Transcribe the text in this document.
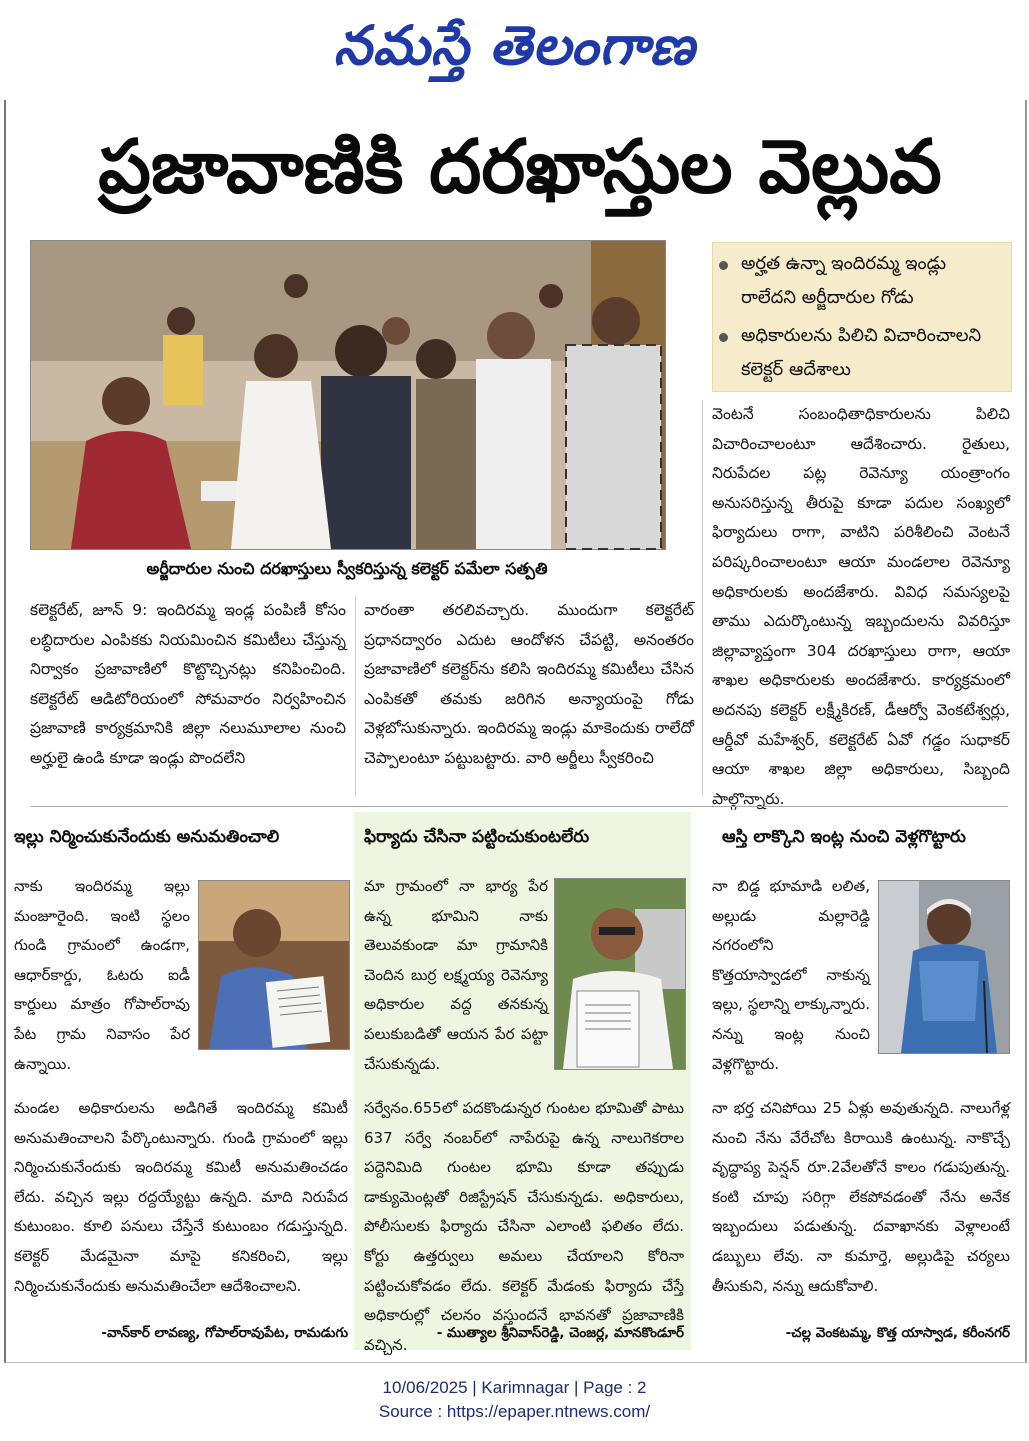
నమస్తే తెలంగాణ
ప్రజావాణికి దరఖాస్తుల వెల్లువ
అర్జీదారుల నుంచి దరఖాస్తులు స్వీకరిస్తున్న కలెక్టర్ పమేలా సత్పతి
అర్హత ఉన్నా ఇందిరమ్మ ఇండ్లు రాలేదని అర్జీదారుల గోడు
అధికారులను పిలిచి విచారించాలని కలెక్టర్ ఆదేశాలు

కలెక్టరేట్, జూన్ 9: ఇందిరమ్మ ఇండ్ల పంపిణీ కోసం లబ్ధిదారుల ఎంపికకు నియమించిన కమిటీలు చేస్తున్న నిర్వాకం ప్రజావాణిలో కొట్టొచ్చినట్లు కనిపించింది. కలెక్టరేట్ ఆడిటోరియంలో సోమవారం నిర్వహించిన ప్రజావాణి కార్యక్రమానికి జిల్లా నలుమూలాల నుంచి అర్హులై ఉండి కూడా ఇండ్లు పొందలేని

వారంతా తరలివచ్చారు. ముందుగా కలెక్టరేట్ ప్రధానద్వారం ఎదుట ఆందోళన చేపట్టి, అనంతరం ప్రజావాణిలో కలెక్టర్‌ను కలిసి ఇందిరమ్మ కమిటీలు చేసిన ఎంపికతో తమకు జరిగిన అన్యాయంపై గోడు వెళ్లబోసుకున్నారు. ఇందిరమ్మ ఇండ్లు మాకెందుకు రాలేదో చెప్పాలంటూ పట్టుబట్టారు. వారి అర్జీలు స్వీకరించి

వెంటనే సంబంధితాధికారులను పిలిచి విచారించాలంటూ ఆదేశించారు. రైతులు, నిరుపేదల పట్ల రెవెన్యూ యంత్రాంగం అనుసరిస్తున్న తీరుపై కూడా పదుల సంఖ్యలో ఫిర్యాదులు రాగా, వాటిని పరిశీలించి వెంటనే పరిష్కరించాలంటూ ఆయా మండలాల రెవెన్యూ అధికారులకు అందజేశారు. వివిధ సమస్యలపై తాము ఎదుర్కొంటున్న ఇబ్బందులను వివరిస్తూ జిల్లావ్యాప్తంగా 304 దరఖాస్తులు రాగా, ఆయా శాఖల అధికారులకు అందజేశారు. కార్యక్రమంలో అదనపు కలెక్టర్ లక్ష్మీకిరణ్, డీఆర్వో వెంకటేశ్వర్లు, ఆర్డీవో మహేశ్వర్, కలెక్టరేట్ ఏవో గడ్డం సుధాకర్ ఆయా శాఖల జిల్లా అధికారులు, సిబ్బంది పాల్గొన్నారు.

ఇల్లు నిర్మించుకునేందుకు అనుమతించాలి

నాకు ఇందిరమ్మ ఇల్లు మంజూరైంది. ఇంటి స్థలం గుండి గ్రామంలో ఉండగా, ఆధార్‌కార్డు, ఓటరు ఐడీ కార్డులు మాత్రం గోపాల్‌రావు పేట గ్రామ నివాసం పేర ఉన్నాయి.

మండల అధికారులను అడిగితే ఇందిరమ్మ కమిటీ అనుమతించాలని పేర్కొంటున్నారు. గుండి గ్రామంలో ఇల్లు నిర్మించుకునేందుకు ఇందిరమ్మ కమిటీ అనుమతించడం లేదు. వచ్చిన ఇల్లు రద్దయ్యేట్టు ఉన్నది. మాది నిరుపేద కుటుంబం. కూలి పనులు చేస్తేనే కుటుంబం గడుస్తున్నది. కలెక్టర్ మేడమైనా మాపై కనికరించి, ఇల్లు నిర్మించుకునేందుకు అనుమతించేలా ఆదేశించాలని.

-వాన్‌కార్ లావణ్య, గోపాల్‌రావుపేట, రామడుగు
ఫిర్యాదు చేసినా పట్టించుకుంటలేరు

మా గ్రామంలో నా భార్య పేర ఉన్న భూమిని నాకు తెలువకుండా మా గ్రామానికి చెందిన బుర్ర లక్ష్మయ్య రెవెన్యూ అధికారుల వద్ద తనకున్న పలుకుబడితో ఆయన పేర పట్టా చేసుకున్నడు.

సర్వేనం.655లో పదకొండున్నర గుంటల భూమితో పాటు 637 సర్వే నంబర్‌లో నాపేరుపై ఉన్న నాలుగెకరాల పద్దెనిమిది గుంటల భూమి కూడా తప్పుడు డాక్యుమెంట్లతో రిజిస్ట్రేషన్ చేసుకున్నడు. అధికారులు, పోలీసులకు ఫిర్యాదు చేసినా ఎలాంటి ఫలితం లేదు. కోర్టు ఉత్తర్వులు అమలు చేయాలని కోరినా పట్టించుకోవడం లేదు. కలెక్టర్ మేడంకు ఫిర్యాదు చేస్తే అధికారుల్లో చలనం వస్తుందనే భావనతో ప్రజావాణికి వచ్చిన.

- ముత్యాల శ్రీనివాస్‌రెడ్డి, చెంజర్ల, మానకొండూర్
ఆస్తి లాక్కొని ఇంట్ల నుంచి వెళ్లగొట్టారు

నా బిడ్డ భూమాడి లలిత, అల్లుడు మల్లారెడ్డి నగరంలోని కొత్తయాస్వాడలో నాకున్న ఇల్లు, స్థలాన్ని లాక్కున్నారు. నన్ను ఇంట్ల నుంచి వెళ్లగొట్టారు.

నా భర్త చనిపోయి 25 ఏళ్లు అవుతున్నది. నాలుగేళ్ల నుంచి నేను వేరేచోట కిరాయికి ఉంటున్న. నాకొచ్చే వృద్ధాప్య పెన్షన్ రూ.2వేలతోనే కాలం గడుపుతున్న. కంటి చూపు సరిగ్గా లేకపోవడంతో నేను అనేక ఇబ్బందులు పడుతున్న. దవాఖానకు వెళ్లాలంటే డబ్బులు లేవు. నా కుమార్తె, అల్లుడిపై చర్యలు తీసుకుని, నన్ను ఆదుకోవాలి.

-చల్ల వెంకటమ్మ, కొత్త యాస్వాడ, కరీంనగర్
10/06/2025 | Karimnagar | Page : 2
Source : https://epaper.ntnews.com/
